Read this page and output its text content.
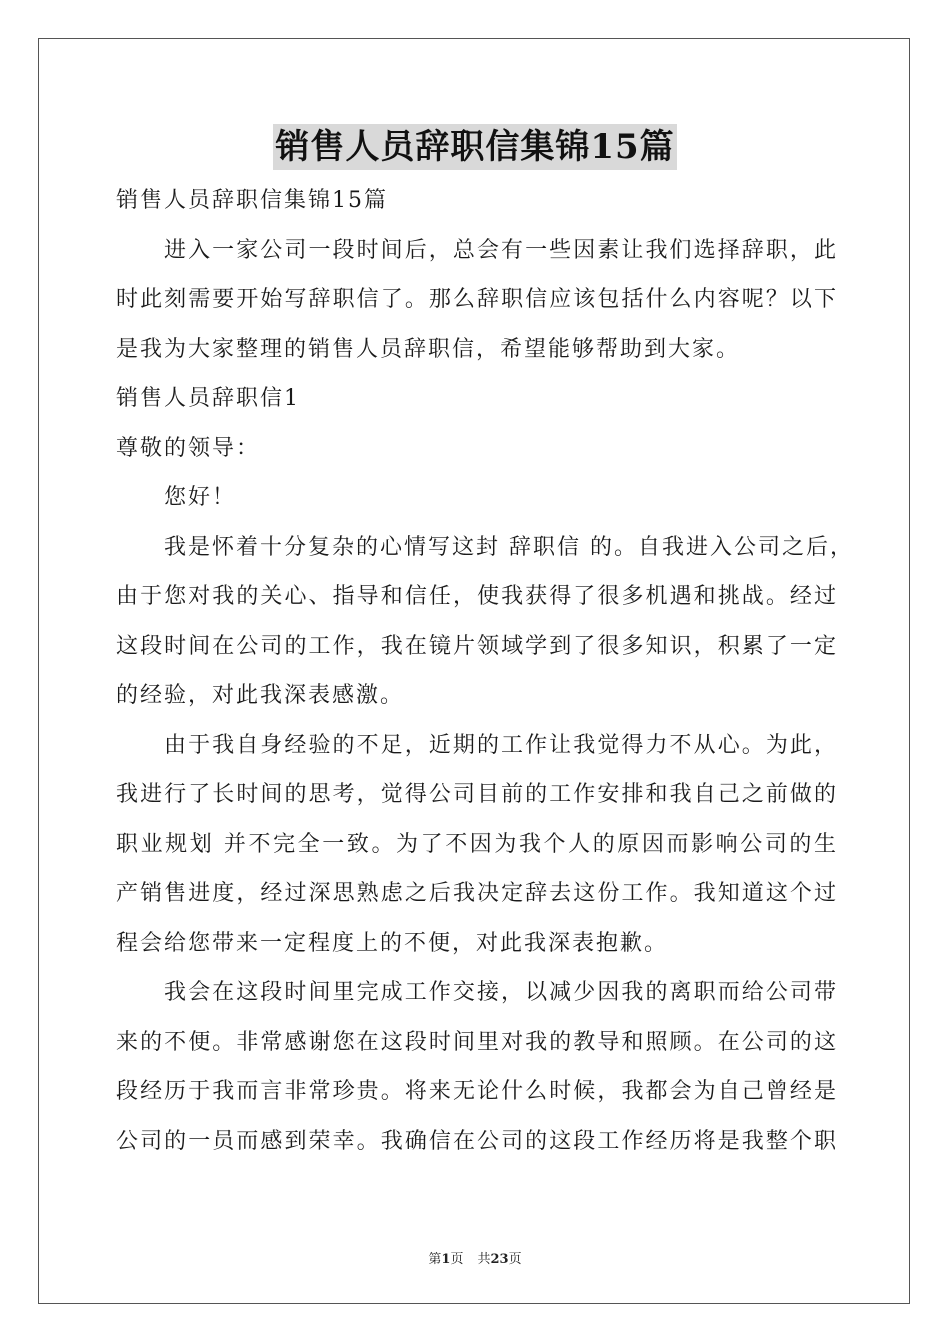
销售人员辞职信集锦15篇

销售人员辞职信集锦15篇

进入一家公司一段时间后，总会有一些因素让我们选择辞职，此

时此刻需要开始写辞职信了。那么辞职信应该包括什么内容呢？以下

是我为大家整理的销售人员辞职信，希望能够帮助到大家。

销售人员辞职信1

尊敬的领导：

您好！

我是怀着十分复杂的心情写这封 辞职信 的。自我进入公司之后，

由于您对我的关心、指导和信任，使我获得了很多机遇和挑战。经过

这段时间在公司的工作，我在镜片领域学到了很多知识，积累了一定

的经验，对此我深表感激。

由于我自身经验的不足，近期的工作让我觉得力不从心。为此，

我进行了长时间的思考，觉得公司目前的工作安排和我自己之前做的

职业规划 并不完全一致。为了不因为我个人的原因而影响公司的生

产销售进度，经过深思熟虑之后我决定辞去这份工作。我知道这个过

程会给您带来一定程度上的不便，对此我深表抱歉。

我会在这段时间里完成工作交接，以减少因我的离职而给公司带

来的不便。非常感谢您在这段时间里对我的教导和照顾。在公司的这

段经历于我而言非常珍贵。将来无论什么时候，我都会为自己曾经是

公司的一员而感到荣幸。我确信在公司的这段工作经历将是我整个职

第1页 共23页
